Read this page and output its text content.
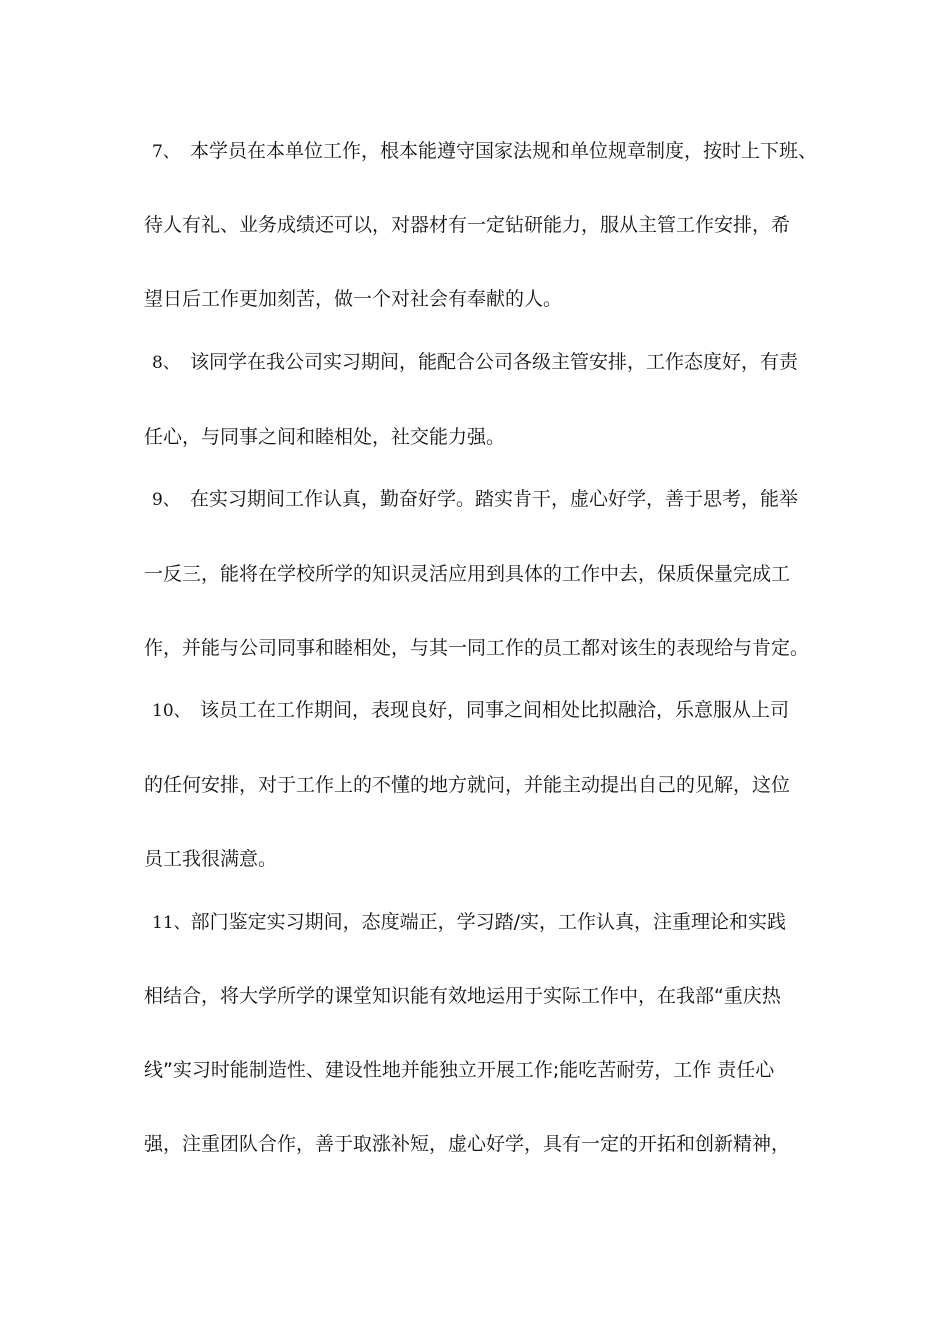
7、 本学员在本单位工作，根本能遵守国家法规和单位规章制度，按时上下班、
待人有礼、业务成绩还可以，对器材有一定钻研能力，服从主管工作安排，希
望日后工作更加刻苦，做一个对社会有奉献的人。
8、 该同学在我公司实习期间，能配合公司各级主管安排，工作态度好，有责
任心，与同事之间和睦相处，社交能力强。
9、 在实习期间工作认真，勤奋好学。踏实肯干，虚心好学，善于思考，能举
一反三，能将在学校所学的知识灵活应用到具体的工作中去，保质保量完成工
作，并能与公司同事和睦相处，与其一同工作的员工都对该生的表现给与肯定。
10、 该员工在工作期间，表现良好，同事之间相处比拟融洽，乐意服从上司
的任何安排，对于工作上的不懂的地方就问，并能主动提出自己的见解，这位
员工我很满意。
11、部门鉴定实习期间，态度端正，学习踏/实，工作认真，注重理论和实践
相结合，将大学所学的课堂知识能有效地运用于实际工作中，在我部“重庆热
线”实习时能制造性、建设性地并能独立开展工作;能吃苦耐劳，工作 责任心
强，注重团队合作，善于取涨补短，虚心好学，具有一定的开拓和创新精神，
